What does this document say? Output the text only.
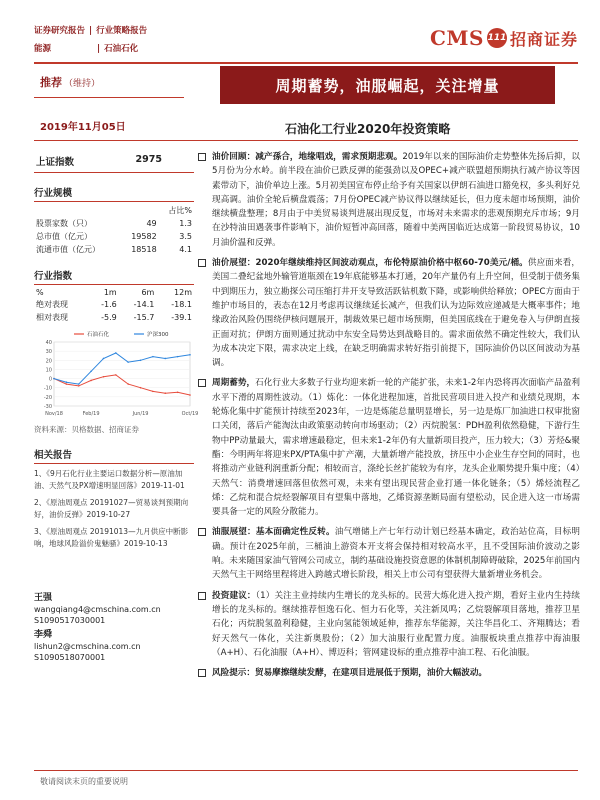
证券研究报告 | 行业策略报告
能源	| 石油石化	CMS 111 招商证券
推荐 （维持）	周期蓄势，油服崛起，关注增量
2019年11月05日	石油化工行业2020年投资策略
上证指数	2975
行业规模
		占比%
股票家数（只）	49	1.3
总市值（亿元）	19582	3.5
流通市值（亿元）	18518	4.1
行业指数
%	1m	6m	12m
绝对表现	-1.6	-14.1	-18.1
相对表现	-5.9	-15.7	-39.1
40
30
20
10
0
-10
-20
-30
Nov/18	Feb/19	Jun/19	Oct/19
石油石化	沪深300
资料来源：贝格数据、招商证券
相关报告
1、《9月石化行业主要运口数据分析—原油加油、天然气及PX增速明显回落》2019-11-01
2、《原油周观点 20191027—贸易谈判预期向好，油价反弹》2019-10-27
3、《原油周观点 20191013—九月供应中断影响，地球风险溢价鬼魅骚》2019-10-13
王强
wangqiang4@cmschina.com.cn
S1090517030001
李舜
lishun2@cmschina.com.cn
S1090518070001
油价回顾：减产孫合，地缘唱戏，需求预期悲观。2019年以来的国际油价走势整体先扬后抑，以5月份为分水岭。前半段在油价已跌反弹的能强劲以及OPEC+减产联盟超预期执行减产协议等因素带动下，油价单边上涨。5月初美国宣布停止给予有关国家以伊朗石油进口豁免权，多头利好兑现高调。油价全轮后横盘震荡；7月份OPEC减产协议得以继续延长，但力度未超市场预期，油价继续横盘整理；8月由于中美贸易谈判进展出现反复，市场对未来需求的悲观预期充斥市场；9月在沙特油田遇袭事件影响下，油价短暂冲高回落，随着中美两国临近达成第一阶段贸易协议，10月油价温和反弹。
油价展望：2020年继续维持区间波动观点，布伦特原油价格中枢60-70美元/桶。供应面来看，美国二叠纪盆地外输管道瓶颈在19年底能够基本打通，20年产量仍有上升空间，但受制于债务集中到期压力，独立勘探公司压缩打井开支导致活跃钻机数下降，或影响供给释放；OPEC方面由于维护市场目的，表态在12月考虑再议继续延长减产，但我们认为边际效应递减是大概率事件；地缘政治风险仍围绕伊核问题展开，制裁效果已超市场预期，但美国底线在于避免卷入与伊朗直接正面对抗；伊朗方面则通过扰动中东安全局势达到战略目的。需求面依然不确定性较大，我们认为成本决定下限，需求决定上线，在缺乏明确需求转好指引前提下，国际油价仍以区间波动为基调。
周期蓄势，石化行业大多数子行业均迎来新一轮的产能扩张，未来1-2年内恐将再次面临产品盈利水平下滑的周期性波动。（1）炼化：一体化进程加速，首批民营项目进入投产和业绩兑现期，本轮炼化集中扩能预计持续至2023年，一边是炼能总量明显增长，另一边是炼厂加油进口权审批窗口关闭，落后产能淘汰由政策驱动转向市场驱动；（2）丙烷脱氢：PDH盈利依然稳健，下游行生物中PP动量最大，需求增速最稳定，但未来1-2年仍有大量新项目投产，压力较大；（3）芳烃&聚酯：今明两年将迎来PX/PTA集中扩产潮，大量新增产能投放，挤压中小企业生存空间的同时，也将推动产业链利润重新分配；相较而言，涤纶长丝扩能较为有序，龙头企业顺势提升集中度；（4）天然气：消费增速回落但依然可观，未来有望出现民营企业打通一体化链条；（5）烯烃流程乙烯：乙烷和混合烷烃裂解项目有望集中落地，乙烯资源垄断局面有望松动，民企进入这一市场需要具备一定的风险分散能力。
油服展望：基本面确定性反转。油气增储上产七年行动计划已经基本确定，政治站位高，目标明确。预计在2025年前，三桶油上游资本开支将会保持相对较高水平，且不受国际油价波动之影响。未来随国家油气管网公司成立，制约基础设施投资意愿的体制机制障碍破除，2025年前国内天然气主干网络里程将进入跨越式增长阶段，相关上市公司有望获得大量新增业务机会。
投资建议：（1）关注主业持续内生增长的龙头标的。民营大炼化进入投产期，看好主业内生持续增长的龙头标的。继续推荐恒逸石化、恒力石化等，关注新凤鸣；乙烷裂解项目落地，推荐卫星石化；丙烷脱氢盈利稳健，主业向氢能领域延伸，推荐东华能源，关注华昌化工、齐翔腾达；看好天然气一体化，关注新奥股份；（2）加大油服行业配置力度。油服板块重点推荐中海油服（A+H）、石化油服（A+H）、博迈科；管网建设标的重点推荐中油工程、石化油服。
风险提示：贸易摩擦继续发酵，在建项目进展低于预期，油价大幅波动。
敬请阅读末页的重要说明
